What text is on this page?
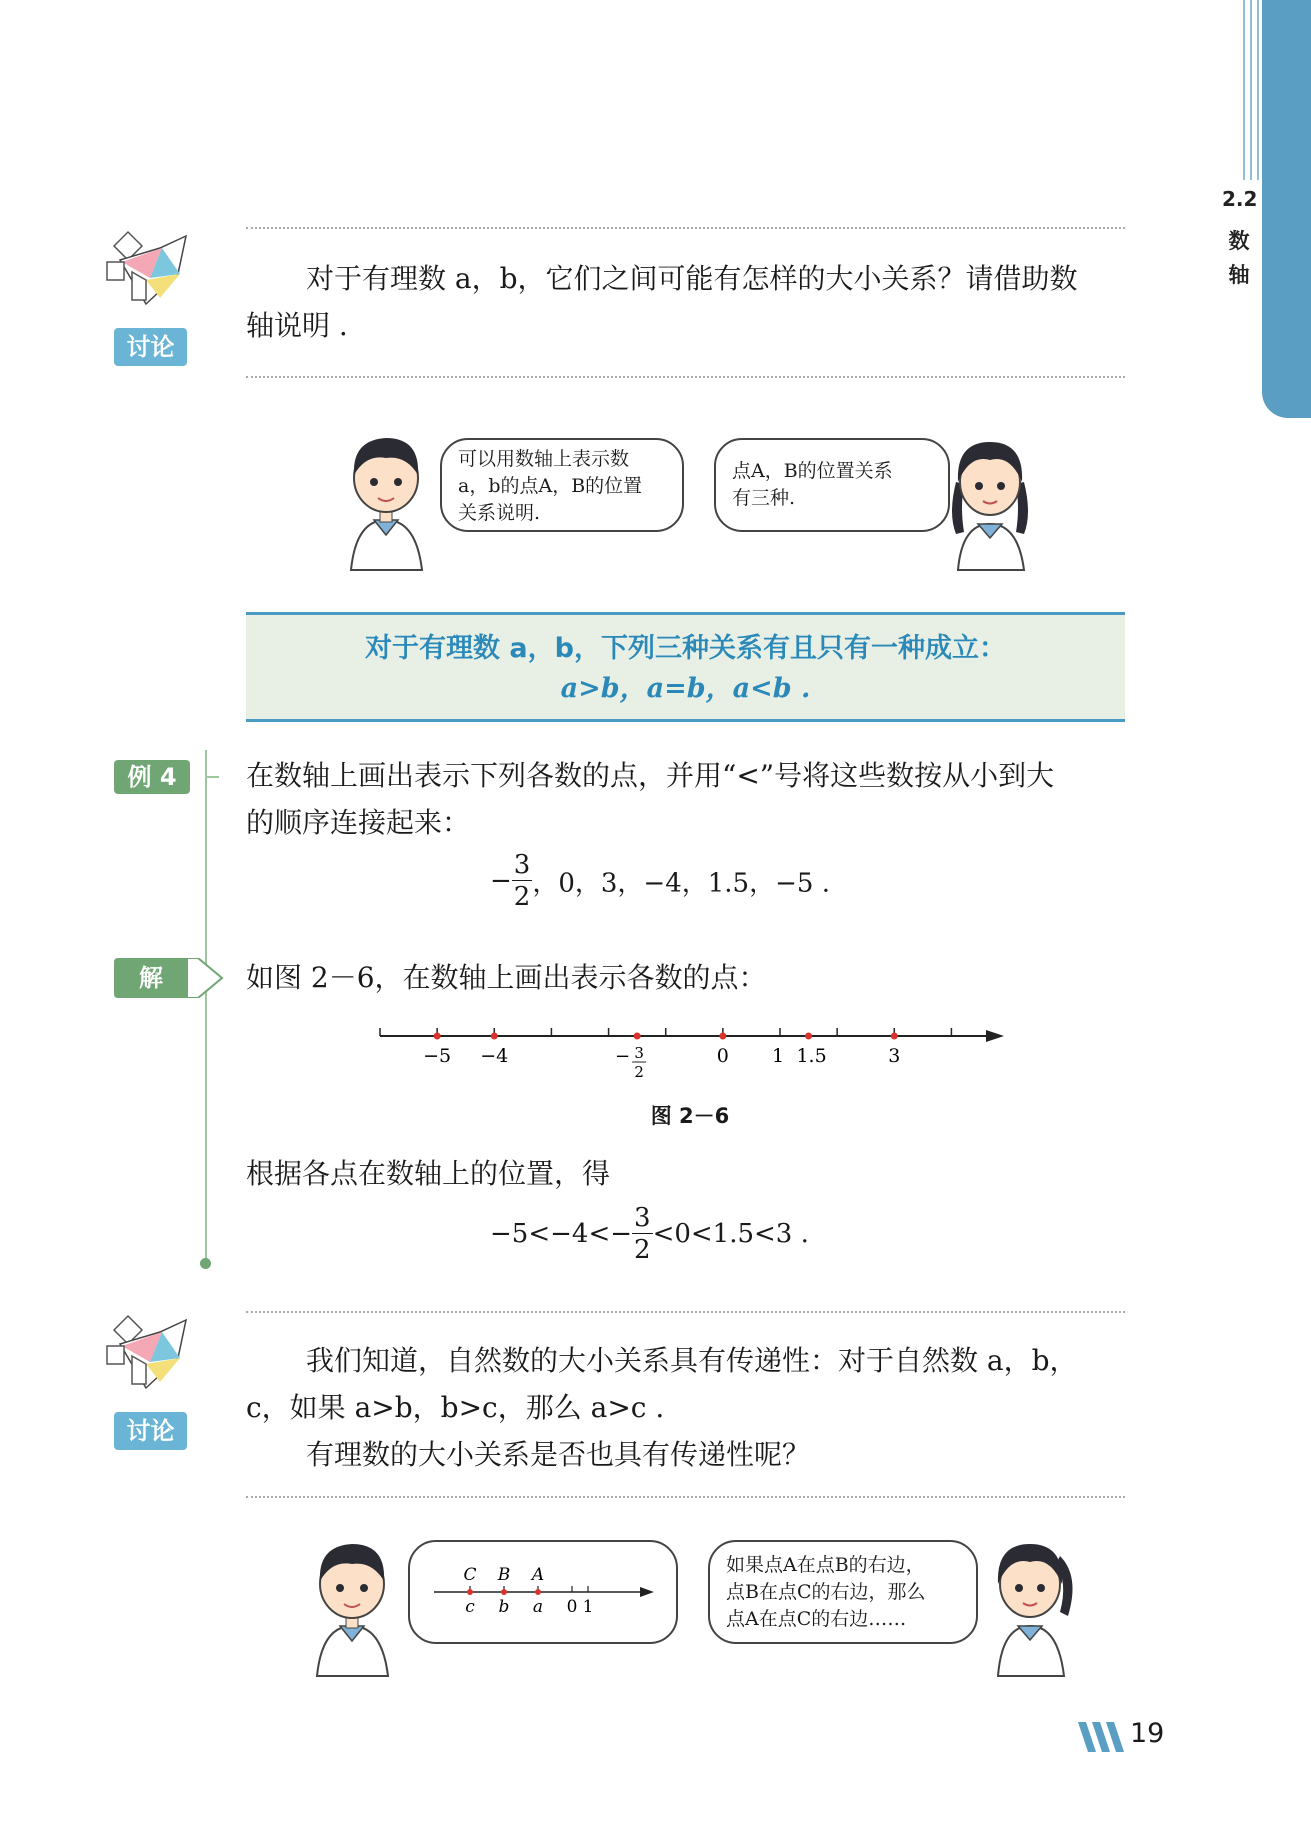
2.2
数
轴
讨论
对于有理数 a，b，它们之间可能有怎样的大小关系？请借助数
轴说明 .
可以用数轴上表示数
a，b的点A，B的位置
关系说明.
点A，B的位置关系
有三种.
对于有理数 a，b，下列三种关系有且只有一种成立：
a>b，a=b，a<b .
例 4	在数轴上画出表示下列各数的点，并用“<”号将这些数按从小到大
的顺序连接起来：
− $\frac{3}{2}$ ，0，3，−4，1.5，−5 .
解	如图 2－6，在数轴上画出表示各数的点：
−5 −4	− 3
2
0	1.5	3
1
图 2－6
根据各点在数轴上的位置，得
$-5<-4<- \frac{3}{2} <0<1.5<3$ .
讨论
我们知道，自然数的大小关系具有传递性：对于自然数 a，b，
c，如果 a>b，b>c，那么 a>c .
有理数的大小关系是否也具有传递性呢？
c b a 0 1
C B A	如果点A在点B的右边，
点B在点C的右边，那么
点A在点C的右边……
19
